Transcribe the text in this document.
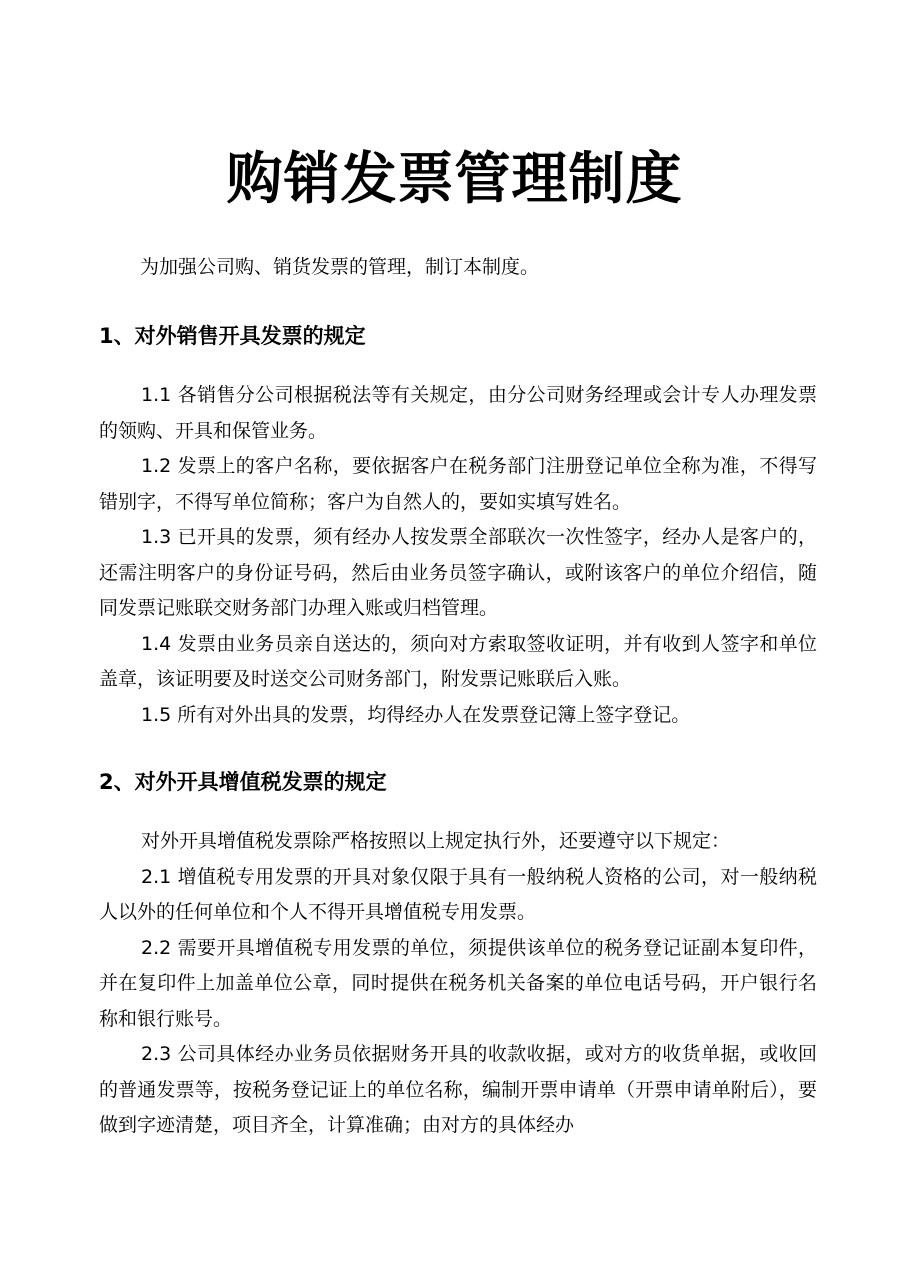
购销发票管理制度
为加强公司购、销货发票的管理，制订本制度。
1、对外销售开具发票的规定

1.1 各销售分公司根据税法等有关规定，由分公司财务经理或会计专人办理发票的领购、开具和保管业务。

1.2 发票上的客户名称，要依据客户在税务部门注册登记单位全称为准，不得写错别字，不得写单位简称；客户为自然人的，要如实填写姓名。

1.3 已开具的发票，须有经办人按发票全部联次一次性签字，经办人是客户的，还需注明客户的身份证号码，然后由业务员签字确认，或附该客户的单位介绍信，随同发票记账联交财务部门办理入账或归档管理。

1.4 发票由业务员亲自送达的，须向对方索取签收证明，并有收到人签字和单位盖章，该证明要及时送交公司财务部门，附发票记账联后入账。

1.5 所有对外出具的发票，均得经办人在发票登记簿上签字登记。

2、对外开具增值税发票的规定

对外开具增值税发票除严格按照以上规定执行外，还要遵守以下规定：

2.1 增值税专用发票的开具对象仅限于具有一般纳税人资格的公司，对一般纳税人以外的任何单位和个人不得开具增值税专用发票。

2.2 需要开具增值税专用发票的单位，须提供该单位的税务登记证副本复印件，并在复印件上加盖单位公章，同时提供在税务机关备案的单位电话号码，开户银行名称和银行账号。

2.3 公司具体经办业务员依据财务开具的收款收据，或对方的收货单据，或收回的普通发票等，按税务登记证上的单位名称，编制开票申请单（开票申请单附后），要做到字迹清楚，项目齐全，计算准确；由对方的具体经办
